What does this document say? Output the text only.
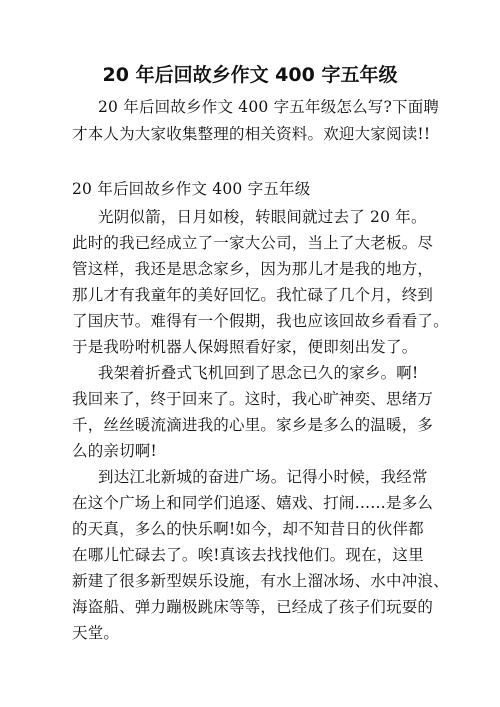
20 年后回故乡作文 400 字五年级
20 年后回故乡作文 400 字五年级怎么写?下面聘
才本人为大家收集整理的相关资料。欢迎大家阅读!!
20 年后回故乡作文 400 字五年级
光阴似箭，日月如梭，转眼间就过去了 20 年。
此时的我已经成立了一家大公司，当上了大老板。尽
管这样，我还是思念家乡，因为那儿才是我的地方，
那儿才有我童年的美好回忆。我忙碌了几个月，终到
了国庆节。难得有一个假期，我也应该回故乡看看了。
于是我吩咐机器人保姆照看好家，便即刻出发了。
我架着折叠式飞机回到了思念已久的家乡。啊!
我回来了，终于回来了。这时，我心旷神奕、思绪万
千，丝丝暖流滴进我的心里。家乡是多么的温暖，多
么的亲切啊!
到达江北新城的奋进广场。记得小时候，我经常
在这个广场上和同学们追逐、嬉戏、打闹……是多么
的天真，多么的快乐啊!如今，却不知昔日的伙伴都
在哪儿忙碌去了。唉!真该去找找他们。现在，这里
新建了很多新型娱乐设施，有水上溜冰场、水中冲浪、
海盗船、弹力蹦极跳床等等，已经成了孩子们玩耍的
天堂。
